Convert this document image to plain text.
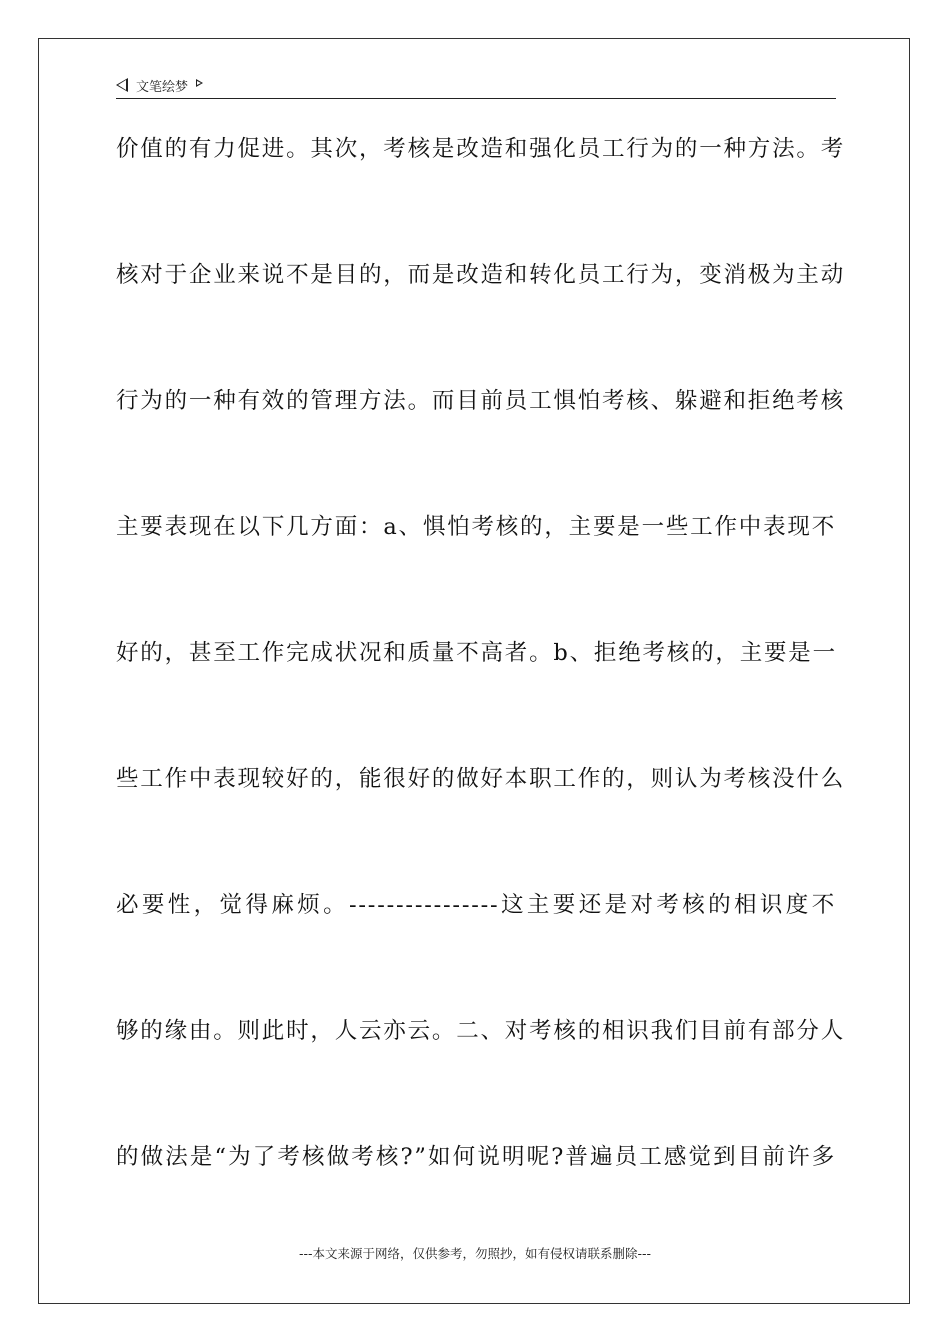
文笔绘梦
价值的有力促进。其次，考核是改造和强化员工行为的一种方法。考
核对于企业来说不是目的，而是改造和转化员工行为，变消极为主动
行为的一种有效的管理方法。而目前员工惧怕考核、躲避和拒绝考核
主要表现在以下几方面：a、惧怕考核的，主要是一些工作中表现不
好的，甚至工作完成状况和质量不高者。b、拒绝考核的，主要是一
些工作中表现较好的，能很好的做好本职工作的，则认为考核没什么
必要性，觉得麻烦。----------------这主要还是对考核的相识度不
够的缘由。则此时，人云亦云。二、对考核的相识我们目前有部分人
的做法是“为了考核做考核?”如何说明呢?普遍员工感觉到目前许多
---本文来源于网络，仅供参考，勿照抄，如有侵权请联系删除---
